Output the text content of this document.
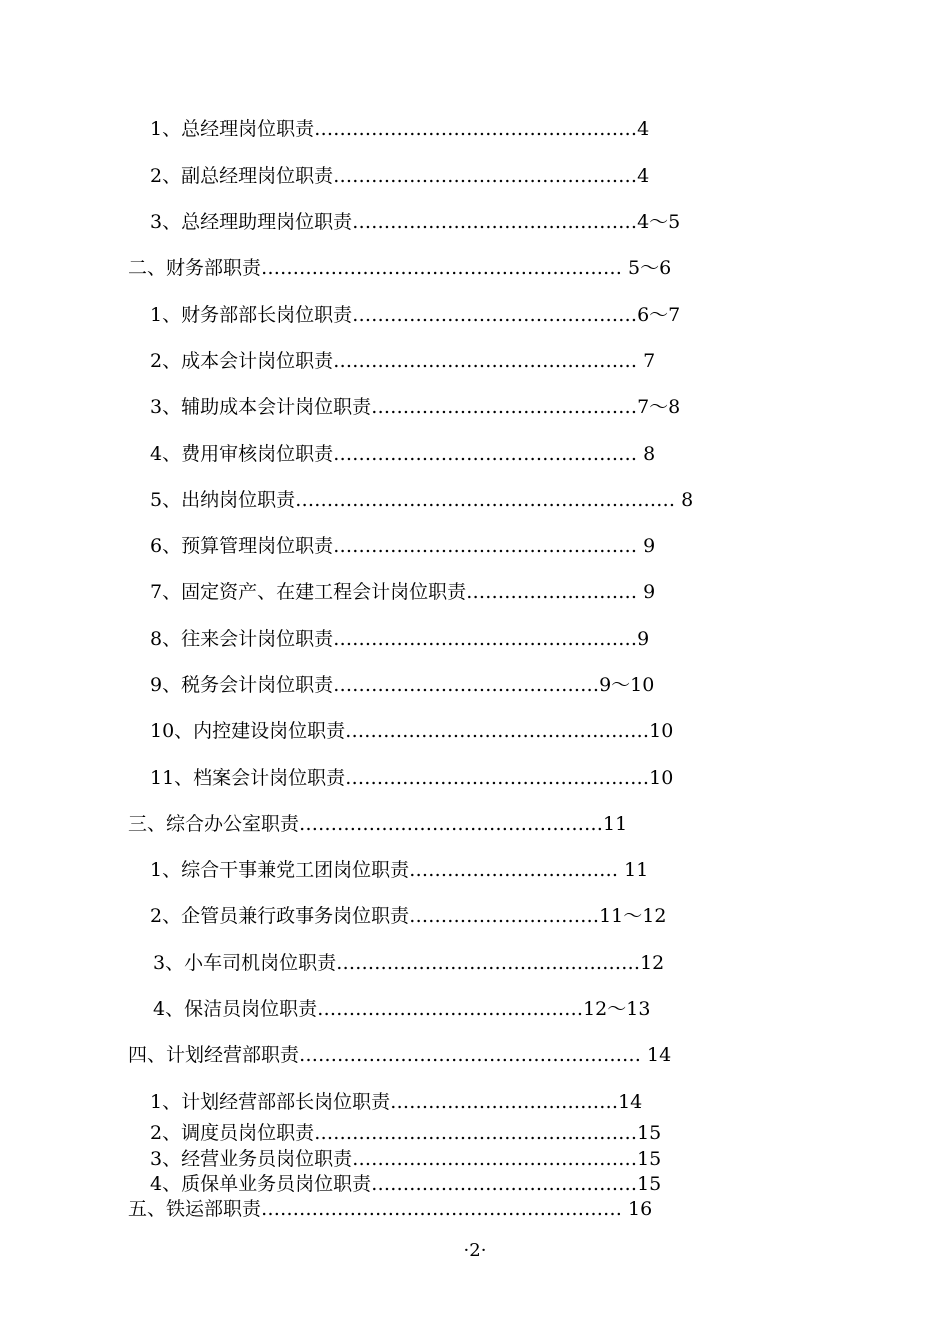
1、总经理岗位职责……………………………………………4
2、副总经理岗位职责…………………………………………4
3、总经理助理岗位职责………………………………………4～5
二、财务部职责………………………………………………… 5～6
1、财务部部长岗位职责………………………………………6～7
2、成本会计岗位职责………………………………………… 7
3、辅助成本会计岗位职责……………………………………7～8
4、费用审核岗位职责………………………………………… 8
5、出纳岗位职责…………………………………………………… 8
6、预算管理岗位职责………………………………………… 9
7、固定资产、在建工程会计岗位职责……………………… 9
8、往来会计岗位职责…………………………………………9
9、税务会计岗位职责……………………………………9～10
10、内控建设岗位职责…………………………………………10
11、档案会计岗位职责…………………………………………10
三、综合办公室职责…………………………………………11
1、综合干事兼党工团岗位职责…………………………… 11
2、企管员兼行政事务岗位职责…………………………11～12
3、小车司机岗位职责…………………………………………12
4、保洁员岗位职责……………………………………12～13
四、计划经营部职责……………………………………………… 14
1、计划经营部部长岗位职责………………………………14
2、调度员岗位职责……………………………………………15
3、经营业务员岗位职责………………………………………15
4、质保单业务员岗位职责……………………………………15
五、铁运部职责………………………………………………… 16
·2·
